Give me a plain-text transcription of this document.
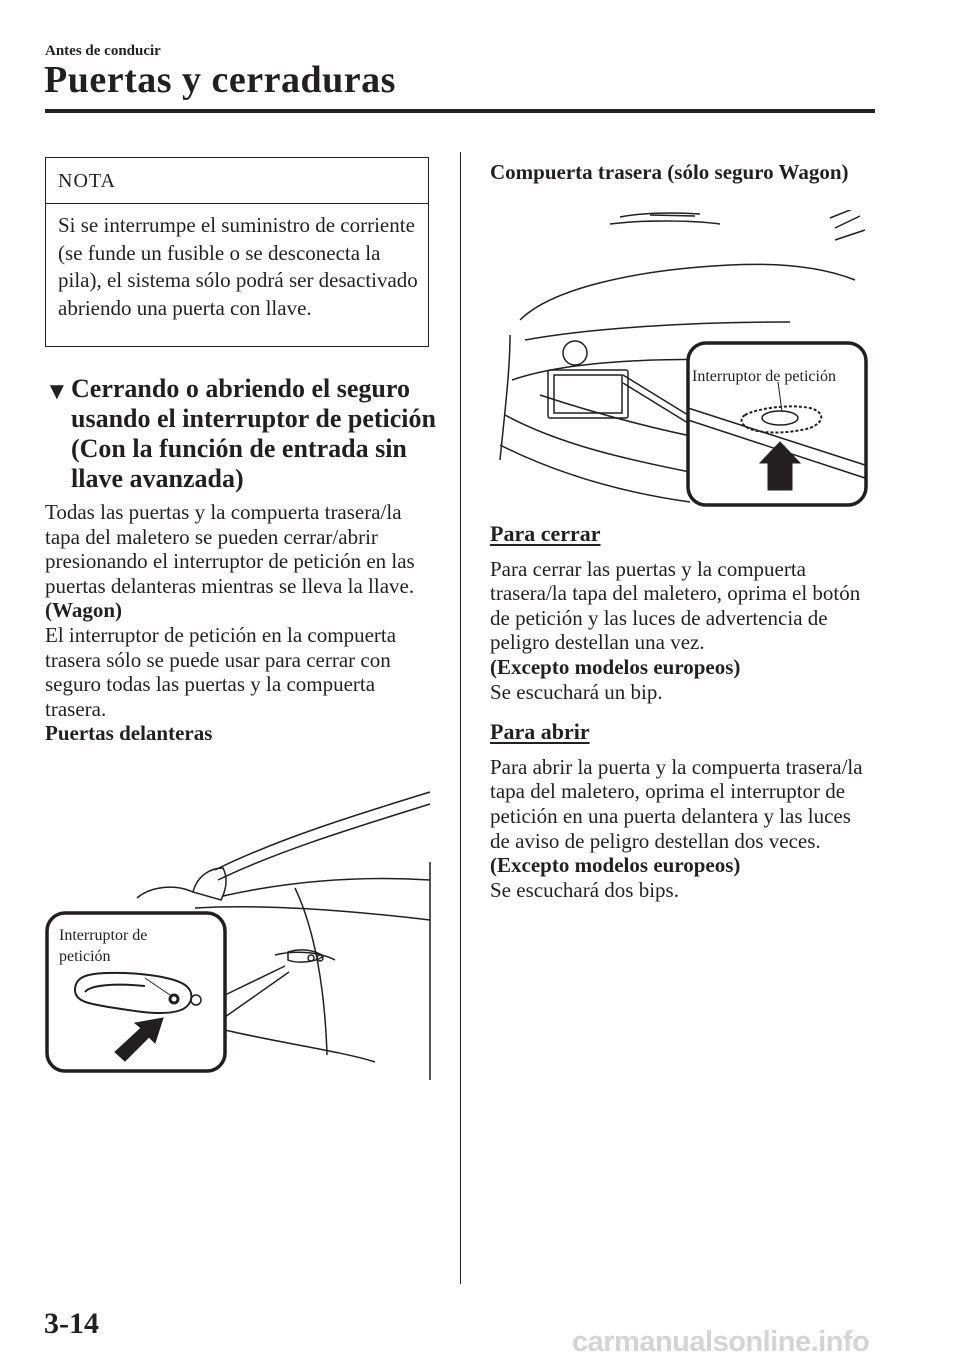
Antes de conducir
Puertas y cerraduras
NOTA
Si se interrumpe el suministro de corriente (se funde un fusible o se desconecta la pila), el sistema sólo podrá ser desactivado abriendo una puerta con llave.
▼ Cerrando o abriendo el seguro usando el interruptor de petición (Con la función de entrada sin llave avanzada)

Todas las puertas y la compuerta trasera/la tapa del maletero se pueden cerrar/abrir presionando el interruptor de petición en las puertas delanteras mientras se lleva la llave.

(Wagon)

El interruptor de petición en la compuerta trasera sólo se puede usar para cerrar con seguro todas las puertas y la compuerta trasera.

Puertas delanteras

Interruptor de
petición
Compuerta trasera (sólo seguro Wagon)
Interruptor de petición

Para cerrar

Para cerrar las puertas y la compuerta trasera/la tapa del maletero, oprima el botón de petición y las luces de advertencia de peligro destellan una vez.

(Excepto modelos europeos)

Se escuchará un bip.

Para abrir

Para abrir la puerta y la compuerta trasera/la tapa del maletero, oprima el interruptor de petición en una puerta delantera y las luces de aviso de peligro destellan dos veces.

(Excepto modelos europeos)

Se escuchará dos bips.

3-14
carmanualsonline.info
